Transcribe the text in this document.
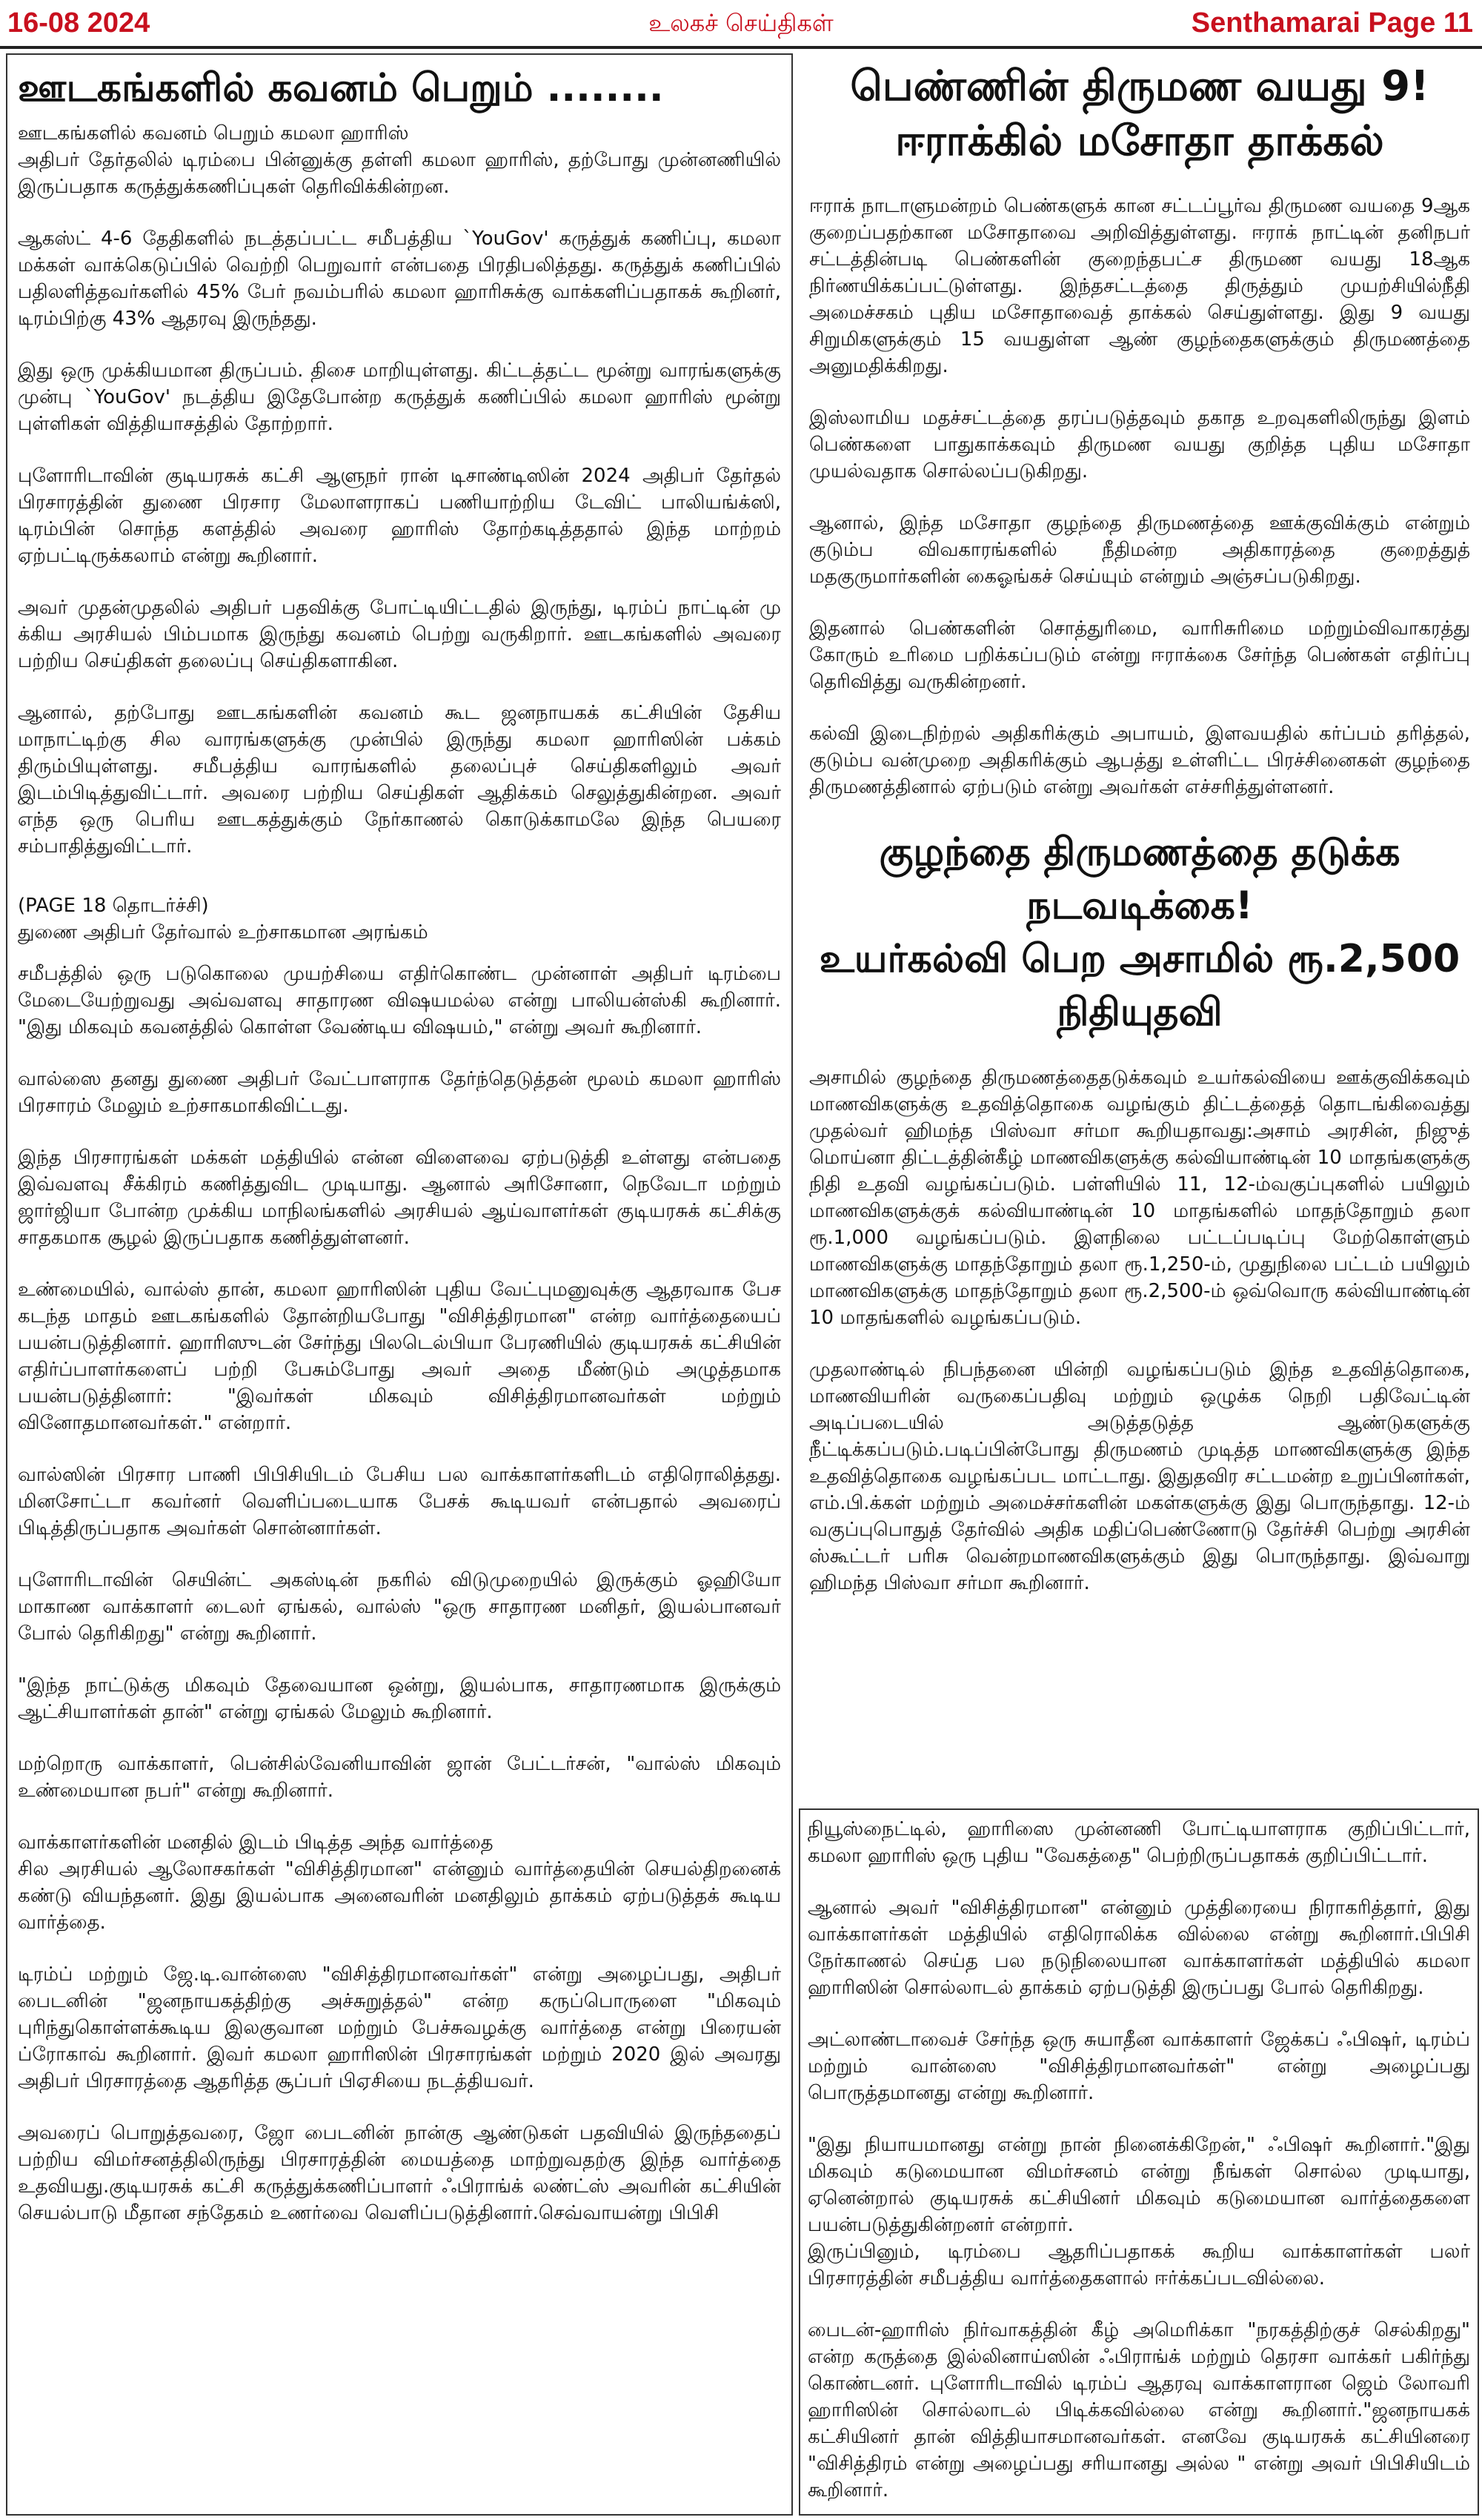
16-08 2024	உலகச் செய்திகள்	Senthamarai Page 11
ஊடகங்களில் கவனம் பெறும் ........

ஊடகங்களில் கவனம் பெறும் கமலா ஹாரிஸ்

அதிபர் தேர்தலில் டிரம்பை பின்னுக்கு தள்ளி கமலா ஹாரிஸ், தற்போது முன்னணியில் இருப்பதாக கருத்துக்கணிப்புகள் தெரிவிக்கின்றன.

ஆகஸ்ட் 4-6 தேதிகளில் நடத்தப்பட்ட சமீபத்திய `YouGov' கருத்துக் கணிப்பு, கமலா மக்கள் வாக்கெடுப்பில் வெற்றி பெறுவார் என்பதை பிரதிபலித்தது. கருத்துக் கணிப்பில் பதிலளித்தவர்களில் 45% பேர் நவம்பரில் கமலா ஹாரிசுக்கு வாக்களிப்பதாகக் கூறினர், டிரம்பிற்கு 43% ஆதரவு இருந்தது.

இது ஒரு முக்கியமான திருப்பம். திசை மாறியுள்ளது. கிட்டத்தட்ட மூன்று வாரங்களுக்கு முன்பு `YouGov' நடத்திய இதேபோன்ற கருத்துக் கணிப்பில் கமலா ஹாரிஸ் மூன்று புள்ளிகள் வித்தியாசத்தில் தோற்றார்.

புளோரிடாவின் குடியரசுக் கட்சி ஆளுநர் ரான் டிசாண்டிஸின் 2024 அதிபர் தேர்தல் பிரசாரத்தின் துணை பிரசார மேலாளராகப் பணியாற்றிய டேவிட் பாலியங்க்ஸி, டிரம்பின் சொந்த களத்தில் அவரை ஹாரிஸ் தோற்கடித்ததால் இந்த மாற்றம் ஏற்பட்டிருக்கலாம் என்று கூறினார்.

அவர் முதன்முதலில் அதிபர் பதவிக்கு போட்டியிட்டதில் இருந்து, டிரம்ப் நாட்டின் மு க்கிய அரசியல் பிம்பமாக இருந்து கவனம் பெற்று வருகிறார். ஊடகங்களில் அவரை பற்றிய செய்திகள் தலைப்பு செய்திகளாகின.

ஆனால், தற்போது ஊடகங்களின் கவனம் கூட ஜனநாயகக் கட்சியின் தேசிய மாநாட்டிற்கு சில வாரங்களுக்கு முன்பில் இருந்து கமலா ஹாரிஸின் பக்கம் திரும்பியுள்ளது. சமீபத்திய வாரங்களில் தலைப்புச் செய்திகளிலும் அவர் இடம்பிடித்துவிட்டார். அவரை பற்றிய செய்திகள் ஆதிக்கம் செலுத்துகின்றன. அவர் எந்த ஒரு பெரிய ஊடகத்துக்கும் நேர்காணல் கொடுக்காமலே இந்த பெயரை சம்பாதித்துவிட்டார்.

(PAGE 18 தொடர்ச்சி)

துணை அதிபர் தேர்வால் உற்சாகமான அரங்கம்

சமீபத்தில் ஒரு படுகொலை முயற்சியை எதிர்கொண்ட முன்னாள் அதிபர் டிரம்பை மேடையேற்றுவது அவ்வளவு சாதாரண விஷயமல்ல என்று பாலியன்ஸ்கி கூறினார். "இது மிகவும் கவனத்தில் கொள்ள வேண்டிய விஷயம்," என்று அவர் கூறினார்.

வால்ஸை தனது துணை அதிபர் வேட்பாளராக தேர்ந்தெடுத்தன் மூலம் கமலா ஹாரிஸ் பிரசாரம் மேலும் உற்சாகமாகிவிட்டது.

இந்த பிரசாரங்கள் மக்கள் மத்தியில் என்ன விளைவை ஏற்படுத்தி உள்ளது என்பதை இவ்வளவு சீக்கிரம் கணித்துவிட முடியாது. ஆனால் அரிசோனா, நெவேடா மற்றும் ஜார்ஜியா போன்ற முக்கிய மாநிலங்களில் அரசியல் ஆய்வாளர்கள் குடியரசுக் கட்சிக்கு சாதகமாக சூழல் இருப்பதாக கணித்துள்ளனர்.

உண்மையில், வால்ஸ் தான், கமலா ஹாரிஸின் புதிய வேட்புமனுவுக்கு ஆதரவாக பேச கடந்த மாதம் ஊடகங்களில் தோன்றியபோது "விசித்திரமான" என்ற வார்த்தையைப் பயன்படுத்தினார். ஹாரிஸுடன் சேர்ந்து பிலடெல்பியா பேரணியில் குடியரசுக் கட்சியின் எதிர்ப்பாளர்களைப் பற்றி பேசும்போது அவர் அதை மீண்டும் அழுத்தமாக பயன்படுத்தினார்: "இவர்கள் மிகவும் விசித்திரமானவர்கள் மற்றும் வினோதமானவர்கள்." என்றார்.

வால்ஸின் பிரசார பாணி பிபிசியிடம் பேசிய பல வாக்காளர்களிடம் எதிரொலித்தது. மினசோட்டா கவர்னர் வெளிப்படையாக பேசக் கூடியவர் என்பதால் அவரைப் பிடித்திருப்பதாக அவர்கள் சொன்னார்கள்.

புளோரிடாவின் செயின்ட் அகஸ்டின் நகரில் விடுமுறையில் இருக்கும் ஓஹியோ மாகாண வாக்காளர் டைலர் ஏங்கல், வால்ஸ் "ஒரு சாதாரண மனிதர், இயல்பானவர் போல் தெரிகிறது" என்று கூறினார்.

"இந்த நாட்டுக்கு மிகவும் தேவையான ஒன்று, இயல்பாக, சாதாரணமாக இருக்கும் ஆட்சியாளர்கள் தான்" என்று ஏங்கல் மேலும் கூறினார்.

மற்றொரு வாக்காளர், பென்சில்வேனியாவின் ஜான் பேட்டர்சன், "வால்ஸ் மிகவும் உண்மையான நபர்" என்று கூறினார்.

வாக்காளர்களின் மனதில் இடம் பிடித்த அந்த வார்த்தை

சில அரசியல் ஆலோசகர்கள் "விசித்திரமான" என்னும் வார்த்தையின் செயல்திறனைக் கண்டு வியந்தனர். இது இயல்பாக அனைவரின் மனதிலும் தாக்கம் ஏற்படுத்தக் கூடிய வார்த்தை.

டிரம்ப் மற்றும் ஜே.டி.வான்ஸை "விசித்திரமானவர்கள்" என்று அழைப்பது, அதிபர் பைடனின் "ஜனநாயகத்திற்கு அச்சுறுத்தல்" என்ற கருப்பொருளை "மிகவும் புரிந்துகொள்ளக்கூடிய இலகுவான மற்றும் பேச்சுவழக்கு வார்த்தை என்று பிரையன் ப்ரோகாவ் கூறினார். இவர் கமலா ஹாரிஸின் பிரசாரங்கள் மற்றும் 2020 இல் அவரது அதிபர் பிரசாரத்தை ஆதரித்த சூப்பர் பிஏசியை நடத்தியவர்.

அவரைப் பொறுத்தவரை, ஜோ பைடனின் நான்கு ஆண்டுகள் பதவியில் இருந்ததைப் பற்றிய விமர்சனத்திலிருந்து பிரசாரத்தின் மையத்தை மாற்றுவதற்கு இந்த வார்த்தை உதவியது.குடியரசுக் கட்சி கருத்துக்கணிப்பாளர் ஃபிராங்க் லண்ட்ஸ் அவரின் கட்சியின் செயல்பாடு மீதான சந்தேகம் உணர்வை வெளிப்படுத்தினார்.செவ்வாயன்று பிபிசி

பெண்ணின் திருமண வயது 9!
ஈராக்கில் மசோதா தாக்கல்

ஈராக் நாடாளுமன்றம் பெண்களுக் கான சட்டப்பூர்வ திருமண வயதை 9ஆக குறைப்பதற்கான மசோதாவை அறிவித்துள்ளது. ஈராக் நாட்டின் தனிநபர் சட்டத்தின்படி பெண்களின் குறைந்தபட்ச திருமண வயது 18ஆக நிர்ணயிக்கப்பட்டுள்ளது. இந்தசட்டத்தை திருத்தும் முயற்சியில்நீதி அமைச்சகம் புதிய மசோதாவைத் தாக்கல் செய்துள்ளது. இது 9 வயது சிறுமிகளுக்கும் 15 வயதுள்ள ஆண் குழந்தைகளுக்கும் திருமணத்தை அனுமதிக்கிறது.

இஸ்லாமிய மதச்சட்டத்தை தரப்படுத்தவும் தகாத உறவுகளிலிருந்து இளம் பெண்களை பாதுகாக்கவும் திருமண வயது குறித்த புதிய மசோதா முயல்வதாக சொல்லப்படுகிறது.

ஆனால், இந்த மசோதா குழந்தை திருமணத்தை ஊக்குவிக்கும் என்றும் குடும்ப விவகாரங்களில் நீதிமன்ற அதிகாரத்தை குறைத்துத் மதகுருமார்களின் கைஓங்கச் செய்யும் என்றும் அஞ்சப்படுகிறது.

இதனால் பெண்களின் சொத்துரிமை, வாரிசுரிமை மற்றும்விவாகரத்து கோரும் உரிமை பறிக்கப்படும் என்று ஈராக்கை சேர்ந்த பெண்கள் எதிர்ப்பு தெரிவித்து வருகின்றனர்.

கல்வி இடைநிற்றல் அதிகரிக்கும் அபாயம், இளவயதில் கர்ப்பம் தரித்தல், குடும்ப வன்முறை அதிகரிக்கும் ஆபத்து உள்ளிட்ட பிரச்சினைகள் குழந்தை திருமணத்தினால் ஏற்படும் என்று அவர்கள் எச்சரித்துள்ளனர்.

குழந்தை திருமணத்தை தடுக்க நடவடிக்கை!
உயர்கல்வி பெற அசாமில் ரூ.2,500 நிதியுதவி

அசாமில் குழந்தை திருமணத்தைதடுக்கவும் உயர்கல்வியை ஊக்குவிக்கவும் மாணவிகளுக்கு உதவித்தொகை வழங்கும் திட்டத்தைத் தொடங்கிவைத்து முதல்வர் ஹிமந்த பிஸ்வா சர்மா கூறியதாவது:அசாம் அரசின், நிஜுத் மொய்னா திட்டத்தின்கீழ் மாணவிகளுக்கு கல்வியாண்டின் 10 மாதங்களுக்கு நிதி உதவி வழங்கப்படும். பள்ளியில் 11, 12-ம்வகுப்புகளில் பயிலும் மாணவிகளுக்குக் கல்வியாண்டின் 10 மாதங்களில் மாதந்தோறும் தலா ரூ.1,000 வழங்கப்படும். இளநிலை பட்டப்படிப்பு மேற்கொள்ளும் மாணவிகளுக்கு மாதந்தோறும் தலா ரூ.1,250-ம், முதுநிலை பட்டம் பயிலும் மாணவிகளுக்கு மாதந்தோறும் தலா ரூ.2,500-ம் ஒவ்வொரு கல்வியாண்டின் 10 மாதங்களில் வழங்கப்படும்.

முதலாண்டில் நிபந்தனை யின்றி வழங்கப்படும் இந்த உதவித்தொகை, மாணவியரின் வருகைப்பதிவு மற்றும் ஒழுக்க நெறி பதிவேட்டின் அடிப்படையில் அடுத்தடுத்த ஆண்டுகளுக்கு நீட்டிக்கப்படும்.படிப்பின்போது திருமணம் முடித்த மாணவிகளுக்கு இந்த உதவித்தொகை வழங்கப்பட மாட்டாது. இதுதவிர சட்டமன்ற உறுப்பினர்கள், எம்.பி.க்கள் மற்றும் அமைச்சர்களின் மகள்களுக்கு இது பொருந்தாது. 12-ம் வகுப்புபொதுத் தேர்வில் அதிக மதிப்பெண்ணோடு தேர்ச்சி பெற்று அரசின் ஸ்கூட்டர் பரிசு வென்றமாணவிகளுக்கும் இது பொருந்தாது. இவ்வாறு ஹிமந்த பிஸ்வா சர்மா கூறினார்.

நியூஸ்நைட்டில், ஹாரிஸை முன்னணி போட்டியாளராக குறிப்பிட்டார், கமலா ஹாரிஸ் ஒரு புதிய "வேகத்தை" பெற்றிருப்பதாகக் குறிப்பிட்டார்.

ஆனால் அவர் "விசித்திரமான" என்னும் முத்திரையை நிராகரித்தார், இது வாக்காளர்கள் மத்தியில் எதிரொலிக்க வில்லை என்று கூறினார்.பிபிசி நேர்காணல் செய்த பல நடுநிலையான வாக்காளர்கள் மத்தியில் கமலா ஹாரிஸின் சொல்லாடல் தாக்கம் ஏற்படுத்தி இருப்பது போல் தெரிகிறது.

அட்லாண்டாவைச் சேர்ந்த ஒரு சுயாதீன வாக்காளர் ஜேக்கப் ஃபிஷர், டிரம்ப் மற்றும் வான்ஸை "விசித்திரமானவர்கள்" என்று அழைப்பது பொருத்தமானது என்று கூறினார்.

"இது நியாயமானது என்று நான் நினைக்கிறேன்," ஃபிஷர் கூறினார்."இது மிகவும் கடுமையான விமர்சனம் என்று நீங்கள் சொல்ல முடியாது, ஏனென்றால் குடியரசுக் கட்சியினர் மிகவும் கடுமையான வார்த்தைகளை பயன்படுத்துகின்றனர் என்றார்.

இருப்பினும், டிரம்பை ஆதரிப்பதாகக் கூறிய வாக்காளர்கள் பலர் பிரசாரத்தின் சமீபத்திய வார்த்தைகளால் ஈர்க்கப்படவில்லை.

பைடன்-ஹாரிஸ் நிர்வாகத்தின் கீழ் அமெரிக்கா "நரகத்திற்குச் செல்கிறது" என்ற கருத்தை இல்லினாய்ஸின் ஃபிராங்க் மற்றும் தெரசா வாக்கர் பகிர்ந்து கொண்டனர். புளோரிடாவில் டிரம்ப் ஆதரவு வாக்காளரான ஜெம் லோவரி ஹாரிஸின் சொல்லாடல் பிடிக்கவில்லை என்று கூறினார்."ஜனநாயகக் கட்சியினர் தான் வித்தியாசமானவர்கள். எனவே குடியரசுக் கட்சியினரை "விசித்திரம் என்று அழைப்பது சரியானது அல்ல " என்று அவர் பிபிசியிடம் கூறினார்.
